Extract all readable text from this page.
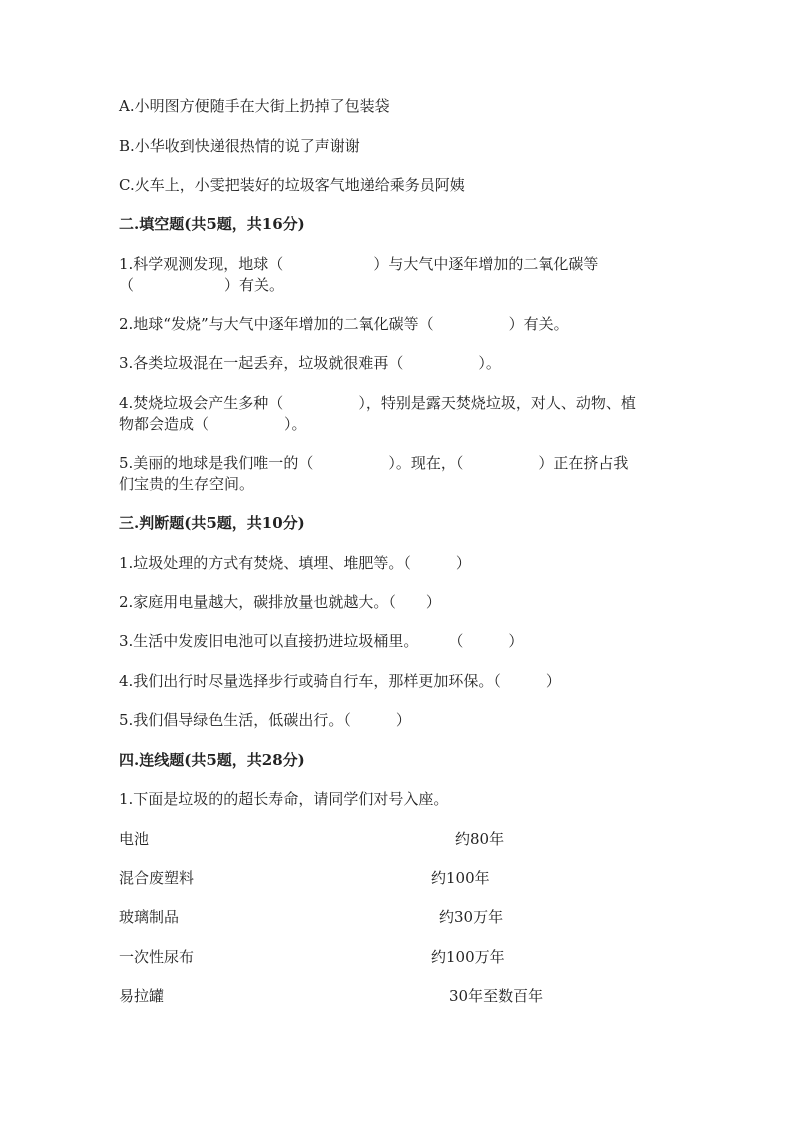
A.小明图方便随手在大街上扔掉了包装袋
B.小华收到快递很热情的说了声谢谢
C.火车上，小雯把装好的垃圾客气地递给乘务员阿姨
二.填空题(共5题，共16分)
1.科学观测发现，地球（　　　　　　）与大气中逐年增加的二氧化碳等
（　　　　　　）有关。
2.地球“发烧”与大气中逐年增加的二氧化碳等（　　　　　）有关。
3.各类垃圾混在一起丢弃，垃圾就很难再（　　　　　）。
4.焚烧垃圾会产生多种（　　　　　），特别是露天焚烧垃圾，对人、动物、植
物都会造成（　　　　　）。
5.美丽的地球是我们唯一的（　　　　　）。现在，（　　　　　）正在挤占我
们宝贵的生存空间。
三.判断题(共5题，共10分)
1.垃圾处理的方式有焚烧、填埋、堆肥等。（　　　）
2.家庭用电量越大，碳排放量也就越大。（　　）
3.生活中发废旧电池可以直接扔进垃圾桶里。　　　（　　　）
4.我们出行时尽量选择步行或骑自行车，那样更加环保。（　　　）
5.我们倡导绿色生活，低碳出行。（　　　）
四.连线题(共5题，共28分)
1.下面是垃圾的的超长寿命，请同学们对号入座。
电池	约80年
混合废塑料	约100年
玻璃制品	约30万年
一次性尿布	约100万年
易拉罐	30年至数百年
